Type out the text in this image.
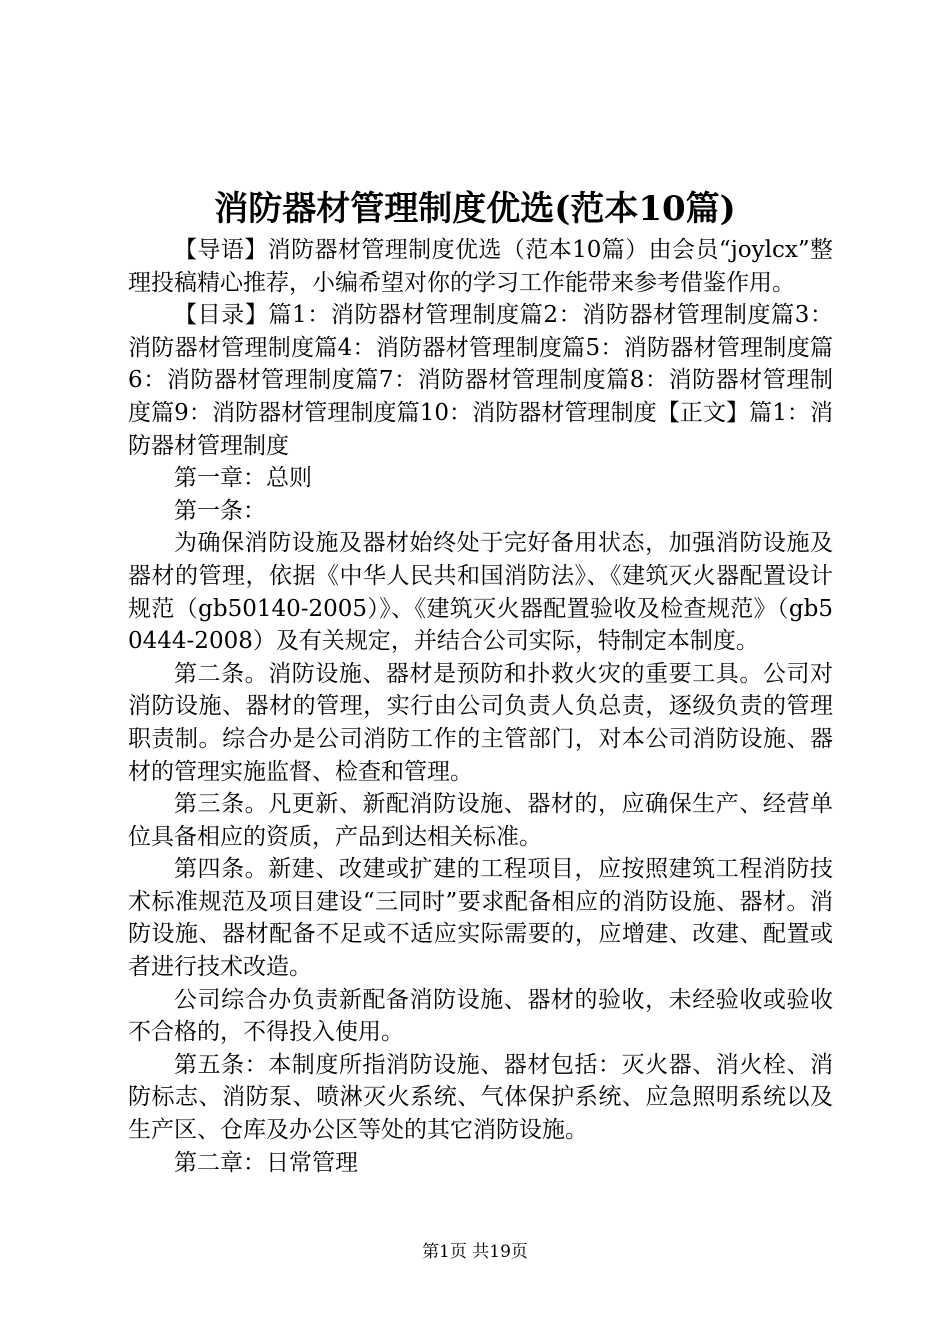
消防器材管理制度优选(范本10篇)

【导语】消防器材管理制度优选（范本10篇）由会员“joylcx”整理投稿精心推荐，小编希望对你的学习工作能带来参考借鉴作用。

【目录】篇1：消防器材管理制度篇2：消防器材管理制度篇3：消防器材管理制度篇4：消防器材管理制度篇5：消防器材管理制度篇6：消防器材管理制度篇7：消防器材管理制度篇8：消防器材管理制度篇9：消防器材管理制度篇10：消防器材管理制度【正文】篇1：消防器材管理制度

第一章：总则

第一条：

为确保消防设施及器材始终处于完好备用状态，加强消防设施及器材的管理，依据《中华人民共和国消防法》、《建筑灭火器配置设计规范（gb50140-2005）》、《建筑灭火器配置验收及检查规范》（gb50444-2008）及有关规定，并结合公司实际，特制定本制度。

第二条。消防设施、器材是预防和扑救火灾的重要工具。公司对消防设施、器材的管理，实行由公司负责人负总责，逐级负责的管理职责制。综合办是公司消防工作的主管部门，对本公司消防设施、器材的管理实施监督、检查和管理。

第三条。凡更新、新配消防设施、器材的，应确保生产、经营单位具备相应的资质，产品到达相关标准。

第四条。新建、改建或扩建的工程项目，应按照建筑工程消防技术标准规范及项目建设“三同时”要求配备相应的消防设施、器材。消防设施、器材配备不足或不适应实际需要的，应增建、改建、配置或者进行技术改造。

公司综合办负责新配备消防设施、器材的验收，未经验收或验收不合格的，不得投入使用。

第五条：本制度所指消防设施、器材包括：灭火器、消火栓、消防标志、消防泵、喷淋灭火系统、气体保护系统、应急照明系统以及生产区、仓库及办公区等处的其它消防设施。

第二章：日常管理

第1页 共19页
